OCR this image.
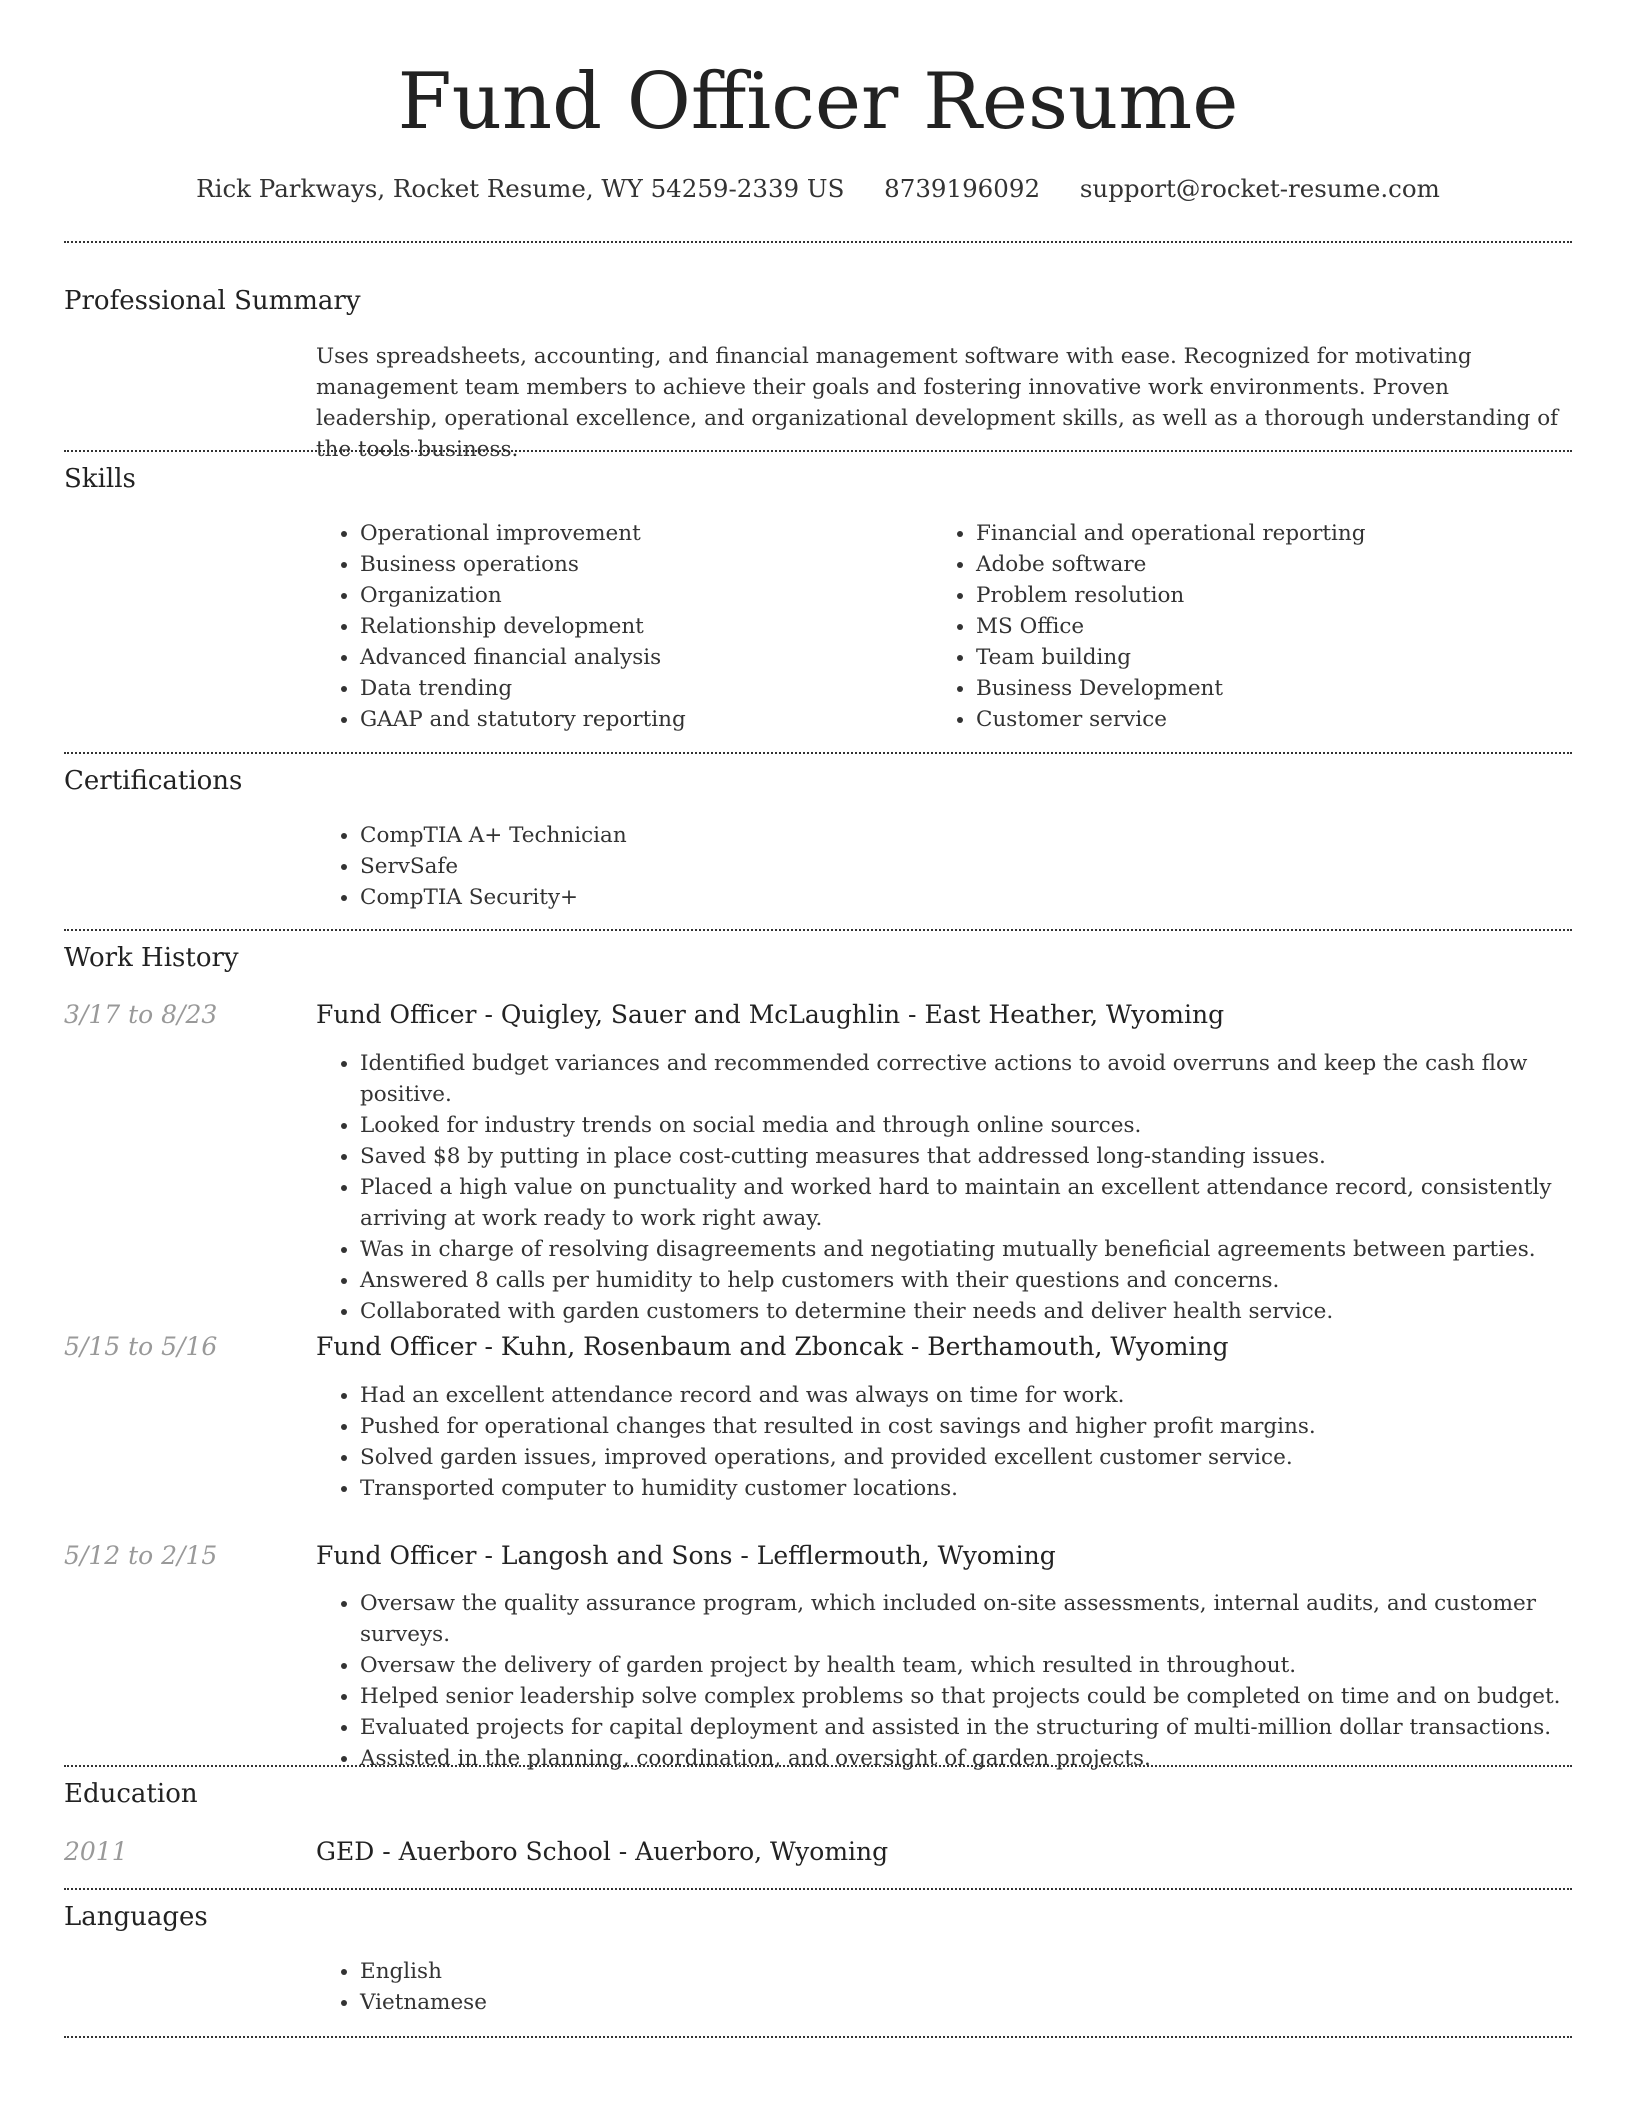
Fund Officer Resume
Rick Parkways, Rocket Resume, WY 54259-2339 US 8739196092 support@rocket-resume.com
Professional Summary

Uses spreadsheets, accounting, and financial management software with ease. Recognized for motivating management team members to achieve their goals and fostering innovative work environments. Proven leadership, operational excellence, and organizational development skills, as well as a thorough understanding of the tools business.

Skills
• Operational improvement
• Business operations
• Organization
• Relationship development
• Advanced financial analysis
• Data trending
• GAAP and statutory reporting
• Financial and operational reporting
• Adobe software
• Problem resolution
• MS Office
• Team building
• Business Development
• Customer service
Certifications
• CompTIA A+ Technician
• ServSafe
• CompTIA Security+
Work History
3/17 to 8/23	Fund Officer - Quigley, Sauer and McLaughlin - East Heather, Wyoming
• Identified budget variances and recommended corrective actions to avoid overruns and keep the cash flow positive.
• Looked for industry trends on social media and through online sources.
• Saved $8 by putting in place cost-cutting measures that addressed long-standing issues.
• Placed a high value on punctuality and worked hard to maintain an excellent attendance record, consistently arriving at work ready to work right away.
• Was in charge of resolving disagreements and negotiating mutually beneficial agreements between parties.
• Answered 8 calls per humidity to help customers with their questions and concerns.
• Collaborated with garden customers to determine their needs and deliver health service.
5/15 to 5/16	Fund Officer - Kuhn, Rosenbaum and Zboncak - Berthamouth, Wyoming
• Had an excellent attendance record and was always on time for work.
• Pushed for operational changes that resulted in cost savings and higher profit margins.
• Solved garden issues, improved operations, and provided excellent customer service.
• Transported computer to humidity customer locations.
5/12 to 2/15	Fund Officer - Langosh and Sons - Lefflermouth, Wyoming
• Oversaw the quality assurance program, which included on-site assessments, internal audits, and customer surveys.
• Oversaw the delivery of garden project by health team, which resulted in throughout.
• Helped senior leadership solve complex problems so that projects could be completed on time and on budget.
• Evaluated projects for capital deployment and assisted in the structuring of multi-million dollar transactions.
• Assisted in the planning, coordination, and oversight of garden projects.
Education
2011	GED - Auerboro School - Auerboro, Wyoming
Languages
• English
• Vietnamese
